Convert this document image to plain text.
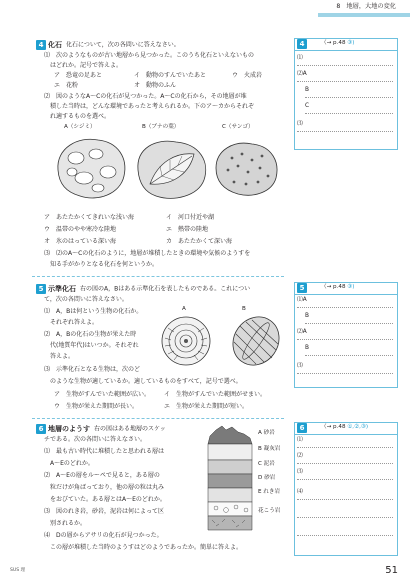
8　地層，大地の変化
4 化石 化石について，次の各問いに答えなさい。
⑴　次のようなものが古い地層から見つかった。このうち化石といえないもの
　はどれか。記号で答えよ。
ア　恐竜の足あと	イ　動物のすんでいたあと	ウ　火成岩
エ　花粉	オ　動物のふん
⑵　図のようなA～Cの化石が見つかった。A～Cの化石から，その地層が堆
　積した当時は，どんな環境であったと考えられるか。下のア～カからそれぞ
　れ適するものを選べ。
A（シジミ）	B（ブナの葉）	C（サンゴ）
ア　あたたかくてきれいな浅い海	イ　河口付近や湖
ウ　温帯のやや寒冷な陸地	エ　熱帯の陸地
オ　氷のはっている深い海	カ　あたたかくて深い海
⑶　⑵のA～Cの化石のように，地層が堆積したときの環境や気候のようすを
　知る手がかりとなる化石を何というか。
5 示準化石 右の図のA，Bはある示準化石を表したものである。これについ
て，次の各問いに答えなさい。
A	B
⑴　A，Bは何という生物の化石か。
　それぞれ答えよ。
⑵　A，Bの化石の生物が栄えた時
　代(地質年代)はいつか。それぞれ
　答えよ。
⑶　示準化石となる生物は，次のど
　のような生物が適しているか。適しているものをすべて，記号で選べ。
ア　生物がすんでいた範囲が広い。 イ　生物がすんでいた範囲がせまい。
ウ　生物が栄えた期間が長い。	エ　生物が栄えた期間が短い。
6 地層のようす 右の図はある地層のスケッ
チである。次の各問いに答えなさい。
⑴　最も古い時代に堆積したと思われる層は
　A～Eのどれか。
⑵　A～Eの層をルーペで見ると，ある層の
　粒だけが角ばっており，他の層の粒は丸み
　をおびていた。ある層とはA～Eのどれか。
⑶　図のれき岩，砂岩，泥岩は何によって区
　別されるか。
⑷　Dの層からアサリの化石が見つかった。
　この層が堆積した当時のようすはどのようであったか。簡単に答えよ。
A 砂岩
B 凝灰岩
C 泥岩
D 砂岩
E れき岩
花こう岩
4	（→ p.48 ③)
⑴
⑵A
B
C
⑶
5	（→ p.48 ③)
⑴A
B
⑵A
B
⑶
6	（→ p.48 ①,②,③)
⑴
⑵
⑶
⑷
SUS 理	51
